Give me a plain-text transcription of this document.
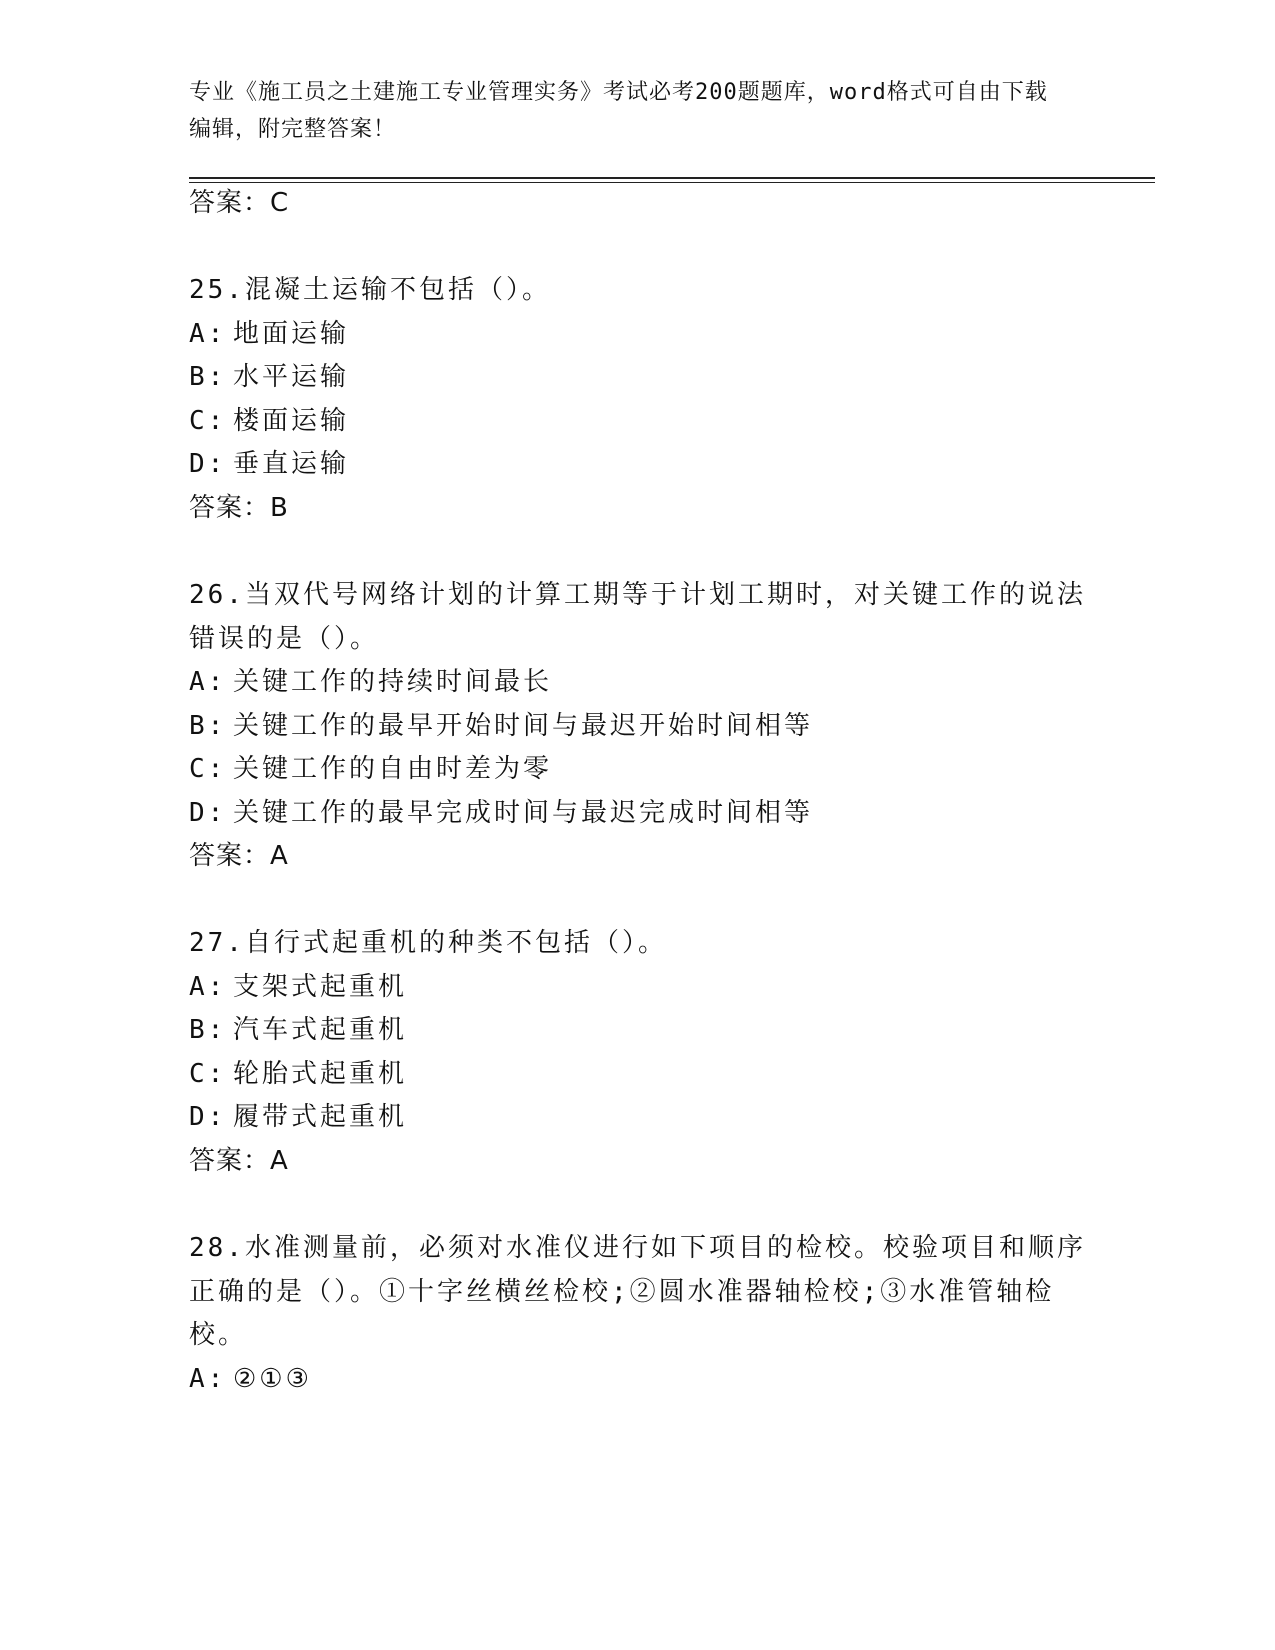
专业《施工员之土建施工专业管理实务》考试必考200题题库，word格式可自由下载编辑，附完整答案！
答案：C
25.混凝土运输不包括（）。
A: 地面运输
B: 水平运输
C: 楼面运输
D: 垂直运输
答案：B
26.当双代号网络计划的计算工期等于计划工期时，对关键工作的说法
错误的是（）。
A: 关键工作的持续时间最长
B: 关键工作的最早开始时间与最迟开始时间相等
C: 关键工作的自由时差为零
D: 关键工作的最早完成时间与最迟完成时间相等
答案：A
27.自行式起重机的种类不包括（）。
A: 支架式起重机
B: 汽车式起重机
C: 轮胎式起重机
D: 履带式起重机
答案：A
28.水准测量前，必须对水准仪进行如下项目的检校。校验项目和顺序
正确的是（）。①十字丝横丝检校;②圆水准器轴检校;③水准管轴检
校。
A: ②①③
